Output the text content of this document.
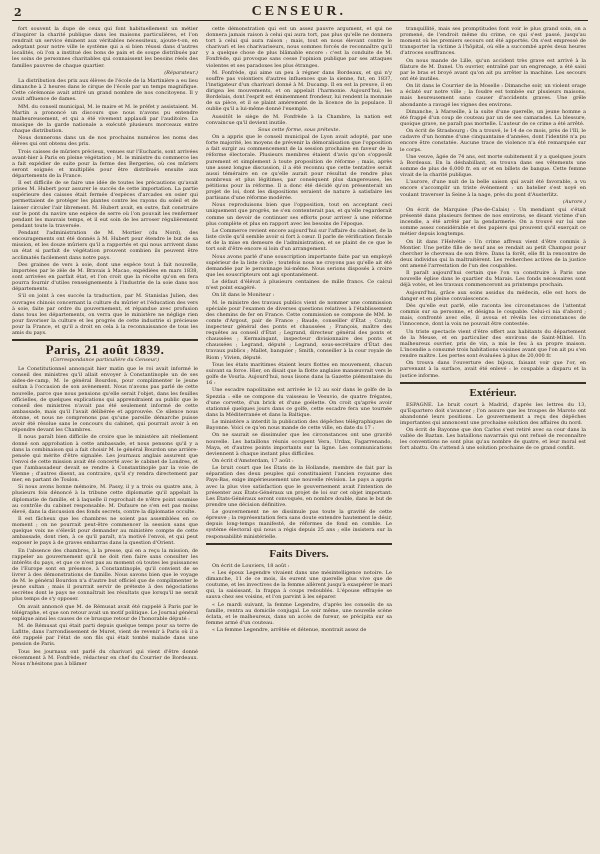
2	CENSEUR.

fort souvent la dupe de ceux qui font habituellement un métier d'inspirer la charité publique dans les maisons particulières, et l'on rendrait un service éminent aux véritables nécessiteux, ajoute-t-on, en adoptant pour notre ville le système qui a si bien réussi dans d'autres localités, où l'on a institué des bons de pain et de soupe distribués par les soins de personnes charitables qui connaissent les besoins réels des familles pauvres de chaque quartier.

(Réparateur.)

La distribution des prix aux élèves de l'école de la Martinière a eu lieu dimanche à 2 heures dans le cirque de l'école par un temps magnifique. Cette cérémonie avait attiré un grand nombre de nos concitoyens. Il y avait affluence de dames.

MM. du conseil municipal, M. le maire et M. le préfet y assistaient. M. Martin a prononcé un discours que nous n'avons pu entendre malheureusement, et qui a été vivement applaudi par l'auditoire. La musique de la garde nationale a exécuté plusieurs morceaux entre chaque distribution.

Nous donnerons dans un de nos prochains numéros les noms des élèves qui ont obtenu des prix.

Trois caisses de mûriers précieux, venues sur l'Eucharis, sont arrivées avant-hier à Paris en pleine végétation ; M. le ministre du commerce les a fait expédier de suite pour la ferme des Bergeries, où ces mûriers seront soignés et multipliés pour être distribués ensuite aux départements de la France.

Il est difficile de se faire une idée de toutes les précautions qu'avait prises M. Hubert pour assurer le succès de cette importation. La partie supérieure des caisses était fermée d'espèces d'arcades en osier qui permettaient de protéger les plantes contre les rayons du soleil et de laisser circuler l'air librement. M. Hubert avait, en outre, fait construire sur le pont du navire une espèce de serre où l'on pouvait les renfermer pendant les mauvais temps, et il eut soin de les arroser régulièrement pendant toute la traversée.

Pendant l'administration de M. Mortier (du Nord), des encouragements ont été donnés à M. Hubert pour étendre le but de sa mission, et les douze mûriers qu'il a rapportés et qui nous arrivent dans un état si parfait de végétation prouvent combien ils peuvent être acclimatés facilement dans notre pays.

Des graines de vers à soie, dont une espèce tout à fait nouvelle, importées par le zèle de M. Bravais à Macao, expédiées en mars 1838, sont arrivées en parfait état, et l'on croit que la récolte qu'on en fera pourra fournir d'utiles renseignements à l'industrie de la soie dans nos départements.

S'il on joint à ces succès la traduction, par M. Stanislas Julien, des ouvrages chinois concernant la culture du mûrier et l'éducation des vers à soie, faite par ordre du gouvernement, et répandue avec profusion dans tous les départements, on verra que le ministère ne néglige rien pour favoriser la culture et les progrès de cette industrie si précieuse pour la France, et qu'il a droit en cela à la reconnaissance de tous les amis du pays.

Paris, 21 août 1839.
(Correspondance particulière du Censeur.)

Le Constitutionnel annonçait hier matin que le roi avait informé le conseil des ministres qu'il allait envoyer à Constantinople un de ses aides-de-camp, M. le général Bourdon, pour complimenter le jeune sultan à l'occasion de son avènement. Nous n'avons pas parlé de cette nouvelle, parce que nous pensions qu'elle serait l'objet, dans les feuilles officielles, de quelques explications qui apprendraient au public que le conseil des ministres n'avait pas été seulement informé de cette ambassade, mais qu'il l'avait délibérée et approuvée. Ce silence nous étonne, et nous ne comprenons pas qu'une pareille démarche puisse avoir été résolue sans le concours du cabinet, qui pourrait avoir à en répondre devant les Chambres.

Il nous paraît bien difficile de croire que le ministère ait réellement donné son approbation à cette ambassade, et nous pensons qu'il y a dans la combinaison qui a fait choisir M. le général Bourdon une arrière-pensée qui mérite d'être signalée. Les journaux anglais assurent que l'envoi de cette mission avait été concerté avec le cabinet de Londres, et que l'ambassadeur devait se rendre à Constantinople par la voie de Vienne ; d'autres disent, au contraire, qu'il s'y rendra directement par mer, en partant de Toulon.

Si nous avons bonne mémoire, M. Passy, il y a trois ou quatre ans, à plusieurs fois dénoncé à la tribune cette diplomatie qu'il appelait la diplomatie de famille, et à laquelle il reprochait de n'être point soumise au contrôle du cabinet responsable. M. Dufaure ne s'en est pas moins élevé, dans la discussion des fonds secrets, contre la diplomatie occulte.

Il est fâcheux que les chambres ne soient pas assemblées en ce moment ; on ne pourrait peut-être commencer la session sans que quelque voix ne s'élevât pour demander au ministère compte de cette ambassade, dont rien, à ce qu'il paraît, n'a motivé l'envoi, et qui peut exposer le pays à de graves embarras dans la question d'Orient.

En l'absence des chambres, à la presse, qui en a reçu la mission, de rappeler au gouvernement qu'il ne doit rien faire sans consulter les intérêts du pays, et que ce n'est pas au moment où toutes les puissances de l'Europe sont en présence, à Constantinople, qu'il convient de se livrer à des démonstrations de famille. Nous savons bien que le voyage de M. le général Bourdon n'a d'autre but officiel que de complimenter le jeune sultan ; mais il pourrait servir de prétexte à des négociations secrètes dont le pays ne connaîtrait les résultats que lorsqu'il ne serait plus temps de s'y opposer.

On avait annoncé que M. de Rémusat avait été rappelé à Paris par le télégraphe, et que son retour avait un motif politique. Le Journal général explique ainsi les causes de ce brusque retour de l'honorable député :

M. de Rémusat qui était parti depuis quelque temps pour sa terre de Lafitte, dans l'arrondissement de Muret, vient de revenir à Paris où il a été rappelé par l'état de son fils qui était tombé malade dans une pension de Paris.

Tous les journaux ont parlé du charivari qui vient d'être donné récemment à M. Fonfrède, rédacteur en chef du Courrier de Bordeaux. Nous n'hésitons pas à blâmer

cette démonstration qui est un assez pauvre argument, et qui ne donnera jamais raison à celui qui aura tort, pas plus qu'elle ne donnera tort à celui qui aura raison ; mais, tout en nous élevant contre le charivari et les charivariseurs, nous sommes forcés de reconnaître qu'il y a quelque chose de plus blâmable encore : c'est la conduite de M. Fonfrède, qui provoque sans cesse l'opinion publique par ses attaques violentes et ses paradoxes les plus étranges.

M. Fonfrède, qui aime un peu à régner dans Bordeaux, et qui n'y souffre pas volontiers d'autres influences que la sienne, fut, en 1837, l'instigateur d'un charivari donné à M. Ducamp. Il en est la preuve, il en dirigea les mouvements, et on appelait l'harmonie. Aujourd'hui, les Bordelais, dont l'esprit est éminemment frondeur, lui rendent la monnaie de sa pièce, et il se plaint amèrement de la licence de la populace. Il oublie qu'il a lui-même donné l'exemple.

Aussitôt le siège de M. Fonfrède à la Chambre, la nation est convaincue qu'il devient inutile.

Sous cette forme, sous prétexte.

On a appris que le conseil municipal de Lyon avait adopté, par une forte majorité, les moyens de prévenir la démoralisation que l'opposition a fait surgir au commencement de la session prochaine en faveur de la réforme électorale. Plusieurs membres étaient d'avis qu'on s'opposât purement et simplement à toute proposition de réforme ; mais, après une assez longue discussion, il a été reconnu que cette tentative serait aussi téméraire en ce qu'elle aurait pour résultat de rendre plus nombreux et plus légitimes, par conséquent plus dangereuses, les pétitions pour la réforme. Il a donc été décidé qu'on présenterait un projet de loi, dont les dispositions seraient de nature à satisfaire les partisans d'une réforme modérée.

Nous reproduisons bien que l'opposition, tout en acceptant ceci uniquement que progrès, ne s'en contenterait pas, et qu'elle regarderait comme un devoir de continuer ses efforts pour arriver à une réforme plus complète et plus en rapport avec les besoins de l'époque.

Le Commerce revient encore aujourd'hui sur l'affaire du cabinet, de la liste civile qu'il semble avoir si fort à cœur. Il parle de vérification fiscale et de la mise en demeure de l'administration, et se plaint de ce que le tort soit d'être encore si loin d'un arrangement.

Nous avons parlé d'une souscription importante faite par un employé supérieur de la liste civile ; toutefois nous ne croyons pas qu'elle ait été demandée par le personnage lui-même. Nous serions disposés à croire que les souscripteurs ont agi spontanément.

Le défaut d'élévat à plusieurs centaines de mille francs. Ce calcul n'est point exagéré.

On lit dans le Moniteur :

M. le ministre des travaux publics vient de nommer une commission spéciale pour l'examen de diverses questions relatives à l'établissement des chemins de fer en France. Cette commission se compose de MM. le comte d'Argout, pair de France ; Baude, conseiller d'État ; Coraly, inspecteur général des ponts et chaussées ; François, maître des requêtes au conseil d'État ; Legrand, directeur général des ponts et chaussées ; Kermaingant, inspecteur divisionnaire des ponts et chaussées ; Legrand, député ; Legrand, sous-secrétaire d'État des travaux publics ; Mallet, banquier ; Smith, conseiller à la cour royale de Riom ; Vivien, député.

Tous les états maritimes étaient leurs flottes en mouvement, chacun suivant sa force. Hier, on disait que la flotte anglaise manœuvrait vers le golfe de Vourla. Aujourd'hui, nous lisons dans la Gazette piémontaise du 16 :

Une escadre napolitaine est arrivée le 12 au soir dans le golfe de la Spezzia : elle se compose du vaisseau le Vesuvio, de quatre frégates, d'une corvette, d'un brick et d'une goélette. On croit qu'après avoir stationné quelques jours dans ce golfe, cette escadre fera une tournée dans la Méditerranée et dans la Baltique.

Le ministère a interdit la publication des dépêches télégraphiques de Bayonne. Voici ce qu'en nous mande de cette ville, en date du 17 :

On ne saurait se dissimuler que les circonstances ont une gravité nouvelle. Les bataillons réunis occupent Vera, Urdax, Fagarrenando, Maya, et d'autres points importants sur la ligne. Les communications deviennent à chaque instant plus difficiles.

On écrit d'Amsterdam, 17 août :

Le bruit court que les États de la Hollande, membre de fait par la séparation des deux peuples qui constituaient l'ancien royaume des Pays-Bas, exige impérieusement une nouvelle révision. Le pays a appris avec la plus vive satisfaction que le gouvernement avait l'intention de présenter aux États-Généraux un projet de loi sur cet objet important. Les États-Généraux seront convoqués, en nombre double, dans le but de prendre une décision définitive.

Le gouvernement ne se dissimule pas toute la gravité de cette épreuve ; la représentation fera sans doute entendre hautement le désir, depuis long-temps manifesté, de réformes de fond en comble. Le système électoral qui nous a régis depuis 25 ans ; elle insistera sur la responsabilité ministérielle.

Faits Divers.

On écrit de Louviers, 18 août :

« Les époux Legendre vivaient dans une mésintelligence notoire. Le dimanche, 11 de ce mois, ils eurent une querelle plus vive que de coutume, et les invectives de la femme allèrent jusqu'à exaspérer le mari qui, la saisissant, la frappa à coups redoublés. L'épouse effrayée se sauva chez ses voisins, et l'on parvint à les séparer.

« Le mardi suivant, la femme Legendre, d'après les conseils de sa famille, rentra au domicile conjugal. Le soir même, une nouvelle scène éclata, et le malheureux, dans un accès de fureur, se précipita sur sa femme armé d'un couteau.

« La femme Legendre, arrêtée et détenue, montrait assez de

tranquillité, mais ses promptitudes font voir le plus grand soin, on a promené, de l'endroit même du crime, ce qui s'est passé, jusqu'au moment où les premiers secours ont été apportés. On s'est empressé de transporter la victime à l'hôpital, où elle a succombé après deux heures d'atroces souffrances.

On nous mande de Lille, qu'un accident très grave est arrivé à la filature de M. Danel. Un ouvrier, entraîné par un engrenage, a été saisi par le bras et broyé avant qu'on ait pu arrêter la machine. Les secours ont été inutiles.

On lit dans le Courrier de la Moselle : Dimanche soir, un violent orage a éclaté sur notre ville ; la foudre est tombée sur plusieurs maisons, mais heureusement sans causer d'accidents graves. Une grêle abondante a ravagé les vignes des environs.

Dimanche, à Marseille, à la suite d'une querelle, un jeune homme a été frappé d'un coup de couteau par un de ses camarades. La blessure, quoique grave, ne paraît pas mortelle. L'auteur de ce crime a été arrêté.

On écrit de Strasbourg : On a trouvé, le 14 de ce mois, près de l'Ill, le cadavre d'un homme d'une cinquantaine d'années, dont l'identité n'a pu encore être constatée. Aucune trace de violence n'a été remarquée sur le corps.

Une veuve, âgée de 74 ans, est morte subitement il y a quelques jours à Bordeaux. En la déshabillant, on trouva dans ses vêtements une somme de plus de 6,000 fr. en or et en billets de banque. Cette femme vivait de la charité publique.

L'aurore, d'une nuit de la belle saison qui avait été favorable, a vu encore s'accomplir un triste événement : un batelier s'est noyé en voulant traverser la Seine à la nage, près du pont d'Austerlitz.

(Aurore.)

On écrit de Marquise (Pas-de-Calais) : Un mendiant qui s'était présenté dans plusieurs fermes de nos environs, se disant victime d'un incendie, a été arrêté par la gendarmerie. On a trouvé sur lui une somme assez considérable et des papiers qui prouvent qu'il exerçait ce métier depuis longtemps.

On lit dans l'Helvétie : Un crime affreux vient d'être commis à Montier. Une petite fille de neuf ans se rendait au petit Champoz pour chercher le chevreau de son frère. Dans la forêt, elle fit la rencontre de deux individus qui la maltraitèrent. Les recherches actives de la justice ont amené l'arrestation de l'un des coupables.

Il paraît aujourd'hui certain que l'on va construire à Paris une nouvelle église dans le quartier du Marais. Les fonds nécessaires sont déjà votés, et les travaux commenceront au printemps prochain.

Aujourd'hui, grâce aux soins assidus du médecin, elle est hors de danger et en pleine convalescence.

Dès qu'elle eut parlé, elle raconta les circonstances de l'attentat commis sur sa personne, et désigna le coupable. Celui-ci nia d'abord ; mais, confronté avec elle, il avoua et révéla les circonstances de l'innocence, dont la voix ne pouvait être contestée.

Un triste spectacle vient d'être offert aux habitants du département de la Meuse, et en particulier des environs de Saint-Mihiel. Un malheureux ouvrier, pris de vin, a mis le feu à sa propre maison. L'incendie a consumé trois habitations voisines avant que l'on ait pu s'en rendre maître. Les pertes sont évaluées à plus de 20,000 fr.

On trouva dans l'ouverture des bijoux, faisant voir que l'or, en parvenant à la surface, avait été enlevé : le coupable a disparu et la justice informe.

Extérieur.

ESPAGNE. Le bruit court à Madrid, d'après les lettres du 13, qu'Espartero doit s'avancer ; l'on assure que les troupes de Maroto ont abandonné leurs positions. Le gouvernement a reçu des dépêches importantes qui annoncent une prochaine solution des affaires du nord.

On écrit de Bayonne que don Carlos s'est retiré avec sa cour dans la vallée de Baztan. Les bataillons navarrais qui ont refusé de reconnaître les conventions ne sont plus qu'au nombre de quatre, et leur moral est fort abattu. On s'attend à une solution prochaine de ce grand conflit.
